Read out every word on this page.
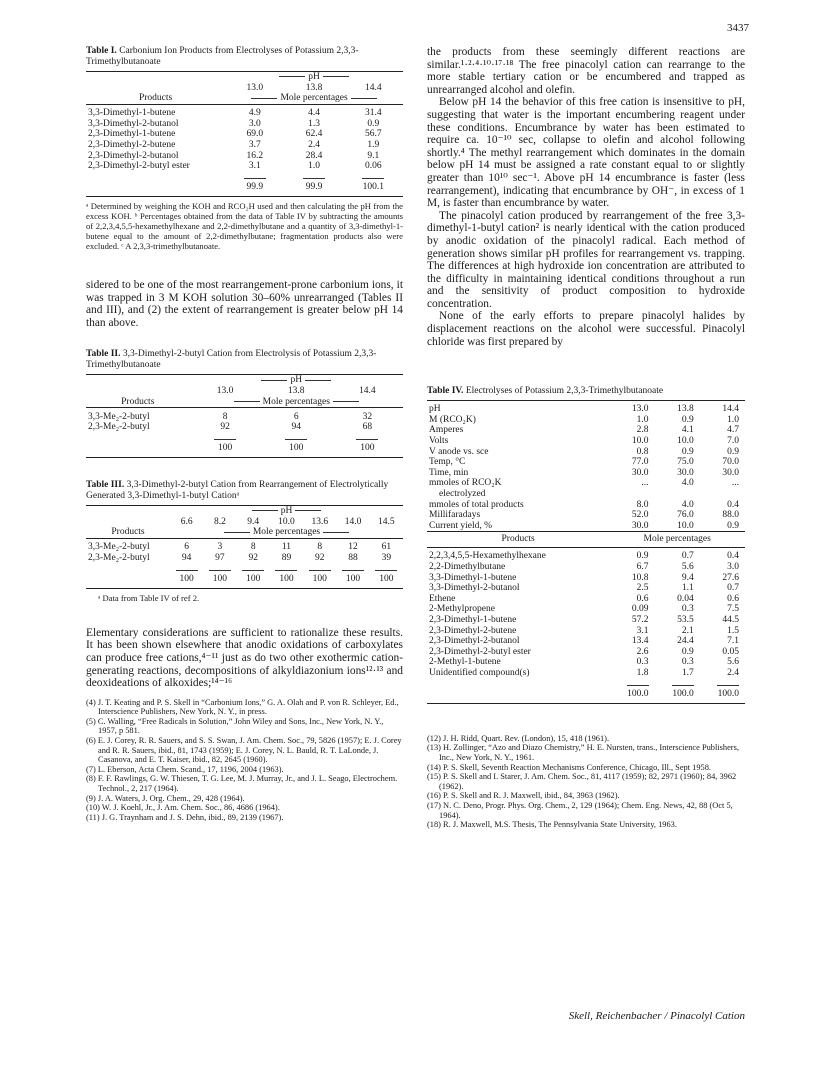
3437

Table I. Carbonium Ion Products from Electrolyses of Potassium 2,3,3-Trimethylbutanoate

	pH		
	13.0	13.8	14.4
Products	Mole percentages		

3,3-Dimethyl-1-butene	4.9	4.4	31.4
3,3-Dimethyl-2-butanol	3.0	1.3	0.9
2,3-Dimethyl-1-butene	69.0	62.4	56.7
2,3-Dimethyl-2-butene	3.7	2.4	1.9
2,3-Dimethyl-2-butanol	16.2	28.4	9.1
2,3-Dimethyl-2-butyl ester	3.1	1.0	0.06

	99.9	99.9	100.1

ᵃ Determined by weighing the KOH and RCO₂H used and then calculating the pH from the excess KOH. ᵇ Percentages obtained from the data of Table IV by subtracting the amounts of 2,2,3,4,5,5-hexamethylhexane and 2,2-dimethylbutane and a quantity of 3,3-dimethyl-1-butene equal to the amount of 2,2-dimethylbutane; fragmentation products also were excluded. ᶜ A 2,3,3-trimethylbutanoate.

sidered to be one of the most rearrangement-prone carbonium ions, it was trapped in 3 M KOH solution 30–60% unrearranged (Tables II and III), and (2) the extent of rearrangement is greater below pH 14 than above.

Table II. 3,3-Dimethyl-2-butyl Cation from Electrolysis of Potassium 2,3,3-Trimethylbutanoate

	pH		
	13.0	13.8	14.4
Products	Mole percentages		

3,3-Me₂-2-butyl	8	6	32
2,3-Me₂-2-butyl	92	94	68

	100	100	100

Table III. 3,3-Dimethyl-2-butyl Cation from Rearrangement of Electrolytically Generated 3,3-Dimethyl-1-butyl Cationᵃ

	pH						
	6.6	8.2	9.4	10.0	13.6	14.0	14.5
Products	Mole percentages						

3,3-Me₂-2-butyl	6	3	8	11	8	12	61
2,3-Me₂-2-butyl	94	97	92	89	92	88	39

	100	100	100	100	100	100	100

ᵃ Data from Table IV of ref 2.

Elementary considerations are sufficient to rationalize these results. It has been shown elsewhere that anodic oxidations of carboxylates can produce free cations,⁴⁻¹¹ just as do two other exothermic cation-generating reactions, decompositions of alkyldiazonium ions¹²·¹³ and deoxideations of alkoxides;¹⁴⁻¹⁶

(4) J. T. Keating and P. S. Skell in “Carbonium Ions,” G. A. Olah and P. von R. Schleyer, Ed., Interscience Publishers, New York, N. Y., in press.

(5) C. Walling, “Free Radicals in Solution,” John Wiley and Sons, Inc., New York, N. Y., 1957, p 581.

(6) E. J. Corey, R. R. Sauers, and S. S. Swan, J. Am. Chem. Soc., 79, 5826 (1957); E. J. Corey and R. R. Sauers, ibid., 81, 1743 (1959); E. J. Corey, N. L. Bauld, R. T. LaLonde, J. Casanova, and E. T. Kaiser, ibid., 82, 2645 (1960).

(7) L. Eberson, Acta Chem. Scand., 17, 1196, 2004 (1963).

(8) F. F. Rawlings, G. W. Thiesen, T. G. Lee, M. J. Murray, Jr., and J. L. Seago, Electrochem. Technol., 2, 217 (1964).

(9) J. A. Waters, J. Org. Chem., 29, 428 (1964).

(10) W. J. Koehl, Jr., J. Am. Chem. Soc., 86, 4686 (1964).

(11) J. G. Traynham and J. S. Dehn, ibid., 89, 2139 (1967).

the products from these seemingly different reactions are similar.¹·²·⁴·¹⁰·¹⁷·¹⁸ The free pinacolyl cation can rearrange to the more stable tertiary cation or be encumbered and trapped as unrearranged alcohol and olefin.

Below pH 14 the behavior of this free cation is insensitive to pH, suggesting that water is the important encumbering reagent under these conditions. Encumbrance by water has been estimated to require ca. 10⁻¹⁰ sec, collapse to olefin and alcohol following shortly.⁴ The methyl rearrangement which dominates in the domain below pH 14 must be assigned a rate constant equal to or slightly greater than 10¹⁰ sec⁻¹. Above pH 14 encumbrance is faster (less rearrangement), indicating that encumbrance by OH⁻, in excess of 1 M, is faster than encumbrance by water.

The pinacolyl cation produced by rearrangement of the free 3,3-dimethyl-1-butyl cation² is nearly identical with the cation produced by anodic oxidation of the pinacolyl radical. Each method of generation shows similar pH profiles for rearrangement vs. trapping. The differences at high hydroxide ion concentration are attributed to the difficulty in maintaining identical conditions throughout a run and the sensitivity of product composition to hydroxide concentration.

None of the early efforts to prepare pinacolyl halides by displacement reactions on the alcohol were successful. Pinacolyl chloride was first prepared by

Table IV. Electrolyses of Potassium 2,3,3-Trimethylbutanoate

pH	13.0	13.8	14.4
M (RCO₂K)	1.0	0.9	1.0
Amperes	2.8	4.1	4.7
Volts	10.0	10.0	7.0
V anode vs. sce	0.8	0.9	0.9
Temp, °C	77.0	75.0	70.0
Time, min	30.0	30.0	30.0
mmoles of RCO₂K	...	4.0	...
electrolyzed			
mmoles of total products	8.0	4.0	0.4
Millifaradays	52.0	76.0	88.0
Current yield, %	30.0	10.0	0.9
Products	Mole percentages		

2,2,3,4,5,5-Hexamethylhexane	0.9	0.7	0.4
2,2-Dimethylbutane	6.7	5.6	3.0
3,3-Dimethyl-1-butene	10.8	9.4	27.6
3,3-Dimethyl-2-butanol	2.5	1.1	0.7
Ethene	0.6	0.04	0.6
2-Methylpropene	0.09	0.3	7.5
2,3-Dimethyl-1-butene	57.2	53.5	44.5
2,3-Dimethyl-2-butene	3.1	2.1	1.5
2,3-Dimethyl-2-butanol	13.4	24.4	7.1
2,3-Dimethyl-2-butyl ester	2.6	0.9	0.05
2-Methyl-1-butene	0.3	0.3	5.6
Unidentified compound(s)	1.8	1.7	2.4

	100.0	100.0	100.0

(12) J. H. Ridd, Quart. Rev. (London), 15, 418 (1961).

(13) H. Zollinger, “Azo and Diazo Chemistry,” H. E. Nursten, trans., Interscience Publishers, Inc., New York, N. Y., 1961.

(14) P. S. Skell, Seventh Reaction Mechanisms Conference, Chicago, Ill., Sept 1958.

(15) P. S. Skell and I. Starer, J. Am. Chem. Soc., 81, 4117 (1959); 82, 2971 (1960); 84, 3962 (1962).

(16) P. S. Skell and R. J. Maxwell, ibid., 84, 3963 (1962).

(17) N. C. Deno, Progr. Phys. Org. Chem., 2, 129 (1964); Chem. Eng. News, 42, 88 (Oct 5, 1964).

(18) R. J. Maxwell, M.S. Thesis, The Pennsylvania State University, 1963.

Skell, Reichenbacher / Pinacolyl Cation
